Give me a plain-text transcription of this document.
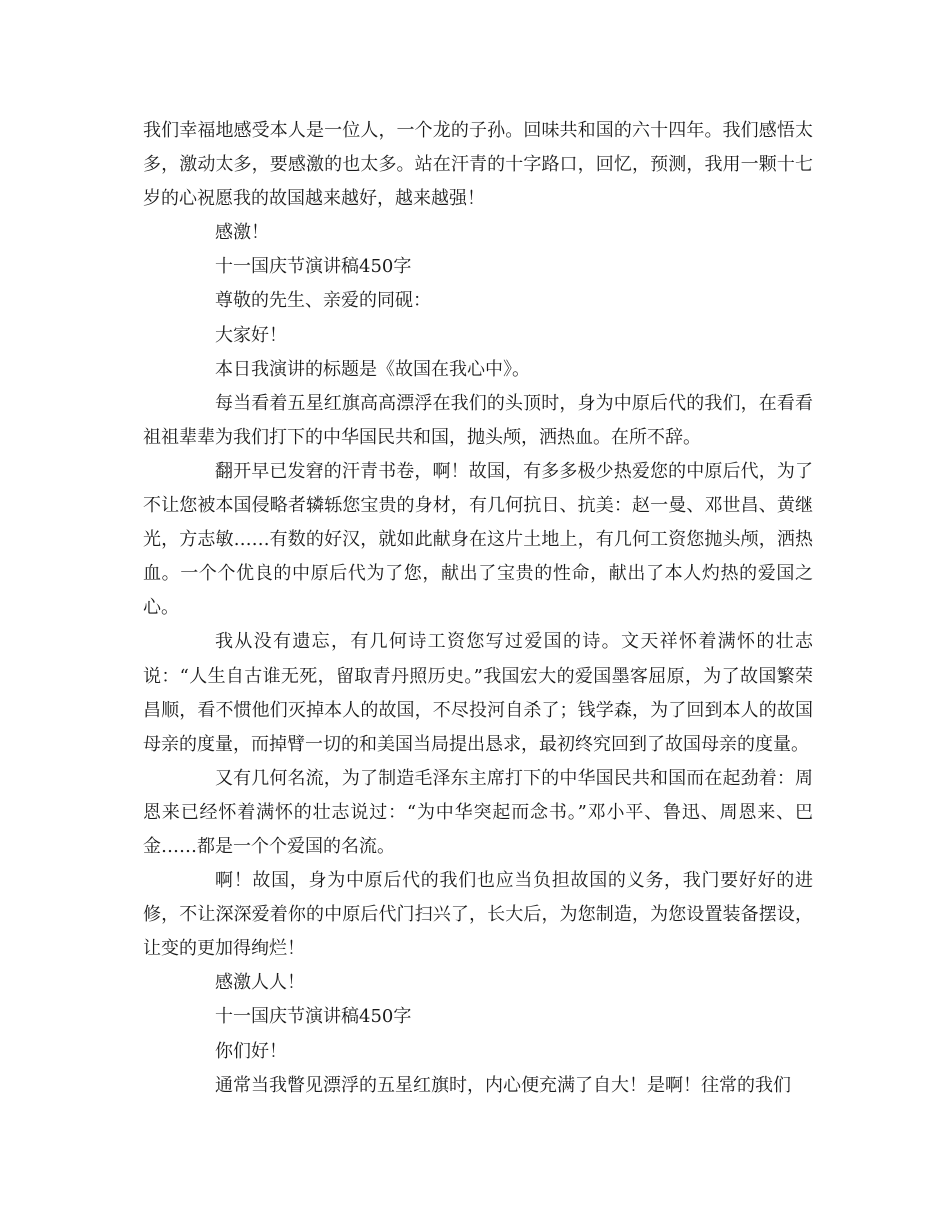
我们幸福地感受本人是一位人，一个龙的子孙。回味共和国的六十四年。我们感悟太多，激动太多，要感激的也太多。站在汗青的十字路口，回忆，预测，我用一颗十七岁的心祝愿我的故国越来越好，越来越强！

感激！

十一国庆节演讲稿450字

尊敬的先生、亲爱的同砚：

大家好！

本日我演讲的标题是《故国在我心中》。

每当看着五星红旗高高漂浮在我们的头顶时，身为中原后代的我们，在看看祖祖辈辈为我们打下的中华国民共和国，抛头颅，洒热血。在所不辞。

翻开早已发窘的汗青书卷，啊！故国，有多多极少热爱您的中原后代，为了不让您被本国侵略者辚轹您宝贵的身材，有几何抗日、抗美：赵一曼、邓世昌、黄继光，方志敏……有数的好汉，就如此献身在这片土地上，有几何工资您抛头颅，洒热血。一个个优良的中原后代为了您，献出了宝贵的性命，献出了本人灼热的爱国之心。

我从没有遗忘，有几何诗工资您写过爱国的诗。文天祥怀着满怀的壮志说：“人生自古谁无死，留取青丹照历史。”我国宏大的爱国墨客屈原，为了故国繁荣昌顺，看不惯他们灭掉本人的故国，不尽投河自杀了；钱学森，为了回到本人的故国母亲的度量，而掉臂一切的和美国当局提出恳求，最初终究回到了故国母亲的度量。

又有几何名流，为了制造毛泽东主席打下的中华国民共和国而在起劲着：周恩来已经怀着满怀的壮志说过：“为中华突起而念书。”邓小平、鲁迅、周恩来、巴金……都是一个个爱国的名流。

啊！故国，身为中原后代的我们也应当负担故国的义务，我门要好好的进修，不让深深爱着你的中原后代门扫兴了，长大后，为您制造，为您设置装备摆设，让变的更加得绚烂！

感激人人！

十一国庆节演讲稿450字

你们好！

通常当我瞥见漂浮的五星红旗时，内心便充满了自大！是啊！往常的我们
